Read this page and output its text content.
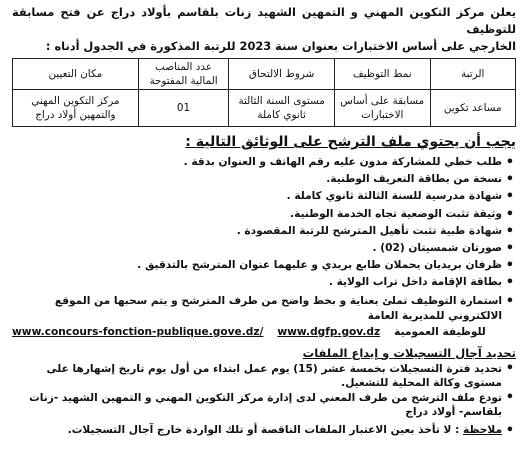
يعلن مركز التكوين المهني و التمهين الشهيد زنات بلقاسم بأولاد دراج عن فتح مسابقة للتوظيف
الخارجي على أساس الاختبارات بعنوان سنة 2023 للرتبة المذكورة في الجدول أدناه :

الرتبة	نمط التوظيف	شروط الالتحاق	عدد المناصب المالية المفتوحة	مكان التعيين
مساعد تكوين	مسابقة على أساس الاختبارات	مستوى السنة الثالثة ثانوي كاملة	01	مركز التكوين المهني والتمهين أولاد دراج
يجب أن يحتوي ملف الترشح على الوثائق التالية :
• طلب خطي للمشاركة مدون عليه رقم الهاتف و العنوان بدقة .
• نسخة من بطاقة التعريف الوطنية.
• شهادة مدرسية للسنة الثالثة ثانوي كاملة .
• وثيقة تثبت الوضعية تجاه الخدمة الوطنية.
• شهادة طبية تثبت تأهيل المترشح للرتبة المقصودة .
• صورتان شمسيتان (02) .
• ظرفان بريديان يحملان طابع بريدي و عليهما عنوان المترشح بالتدقيق .
• بطاقة الإقامة داخل تراب الولاية .
• استمارة التوظيف تملئ بعناية و بخط واضح من طرف المترشح و يتم سحبها من الموقع الالكتروني للمديرية العامة
www.concours-fonction-publique.gove.dz/ www.dgfp.gov.dz للوظيفة العمومية
تحديد آجال التسجيلات و إيداع الملفات
• تحديد فترة التسجيلات بخمسة عشر (15) يوم عمل ابتداء من أول يوم تاريخ إشهارها على مستوى وكالة المحلية للتشغيل.
• تودع ملف الترشح من طرف المعني لدى إدارة مركز التكوين المهني و التمهين الشهيد -زنات بلقاسم- أولاد دراج
• ملاحظة : لا تأخذ بعين الاعتبار الملفات الناقصة أو تلك الواردة خارج آجال التسجيلات.
